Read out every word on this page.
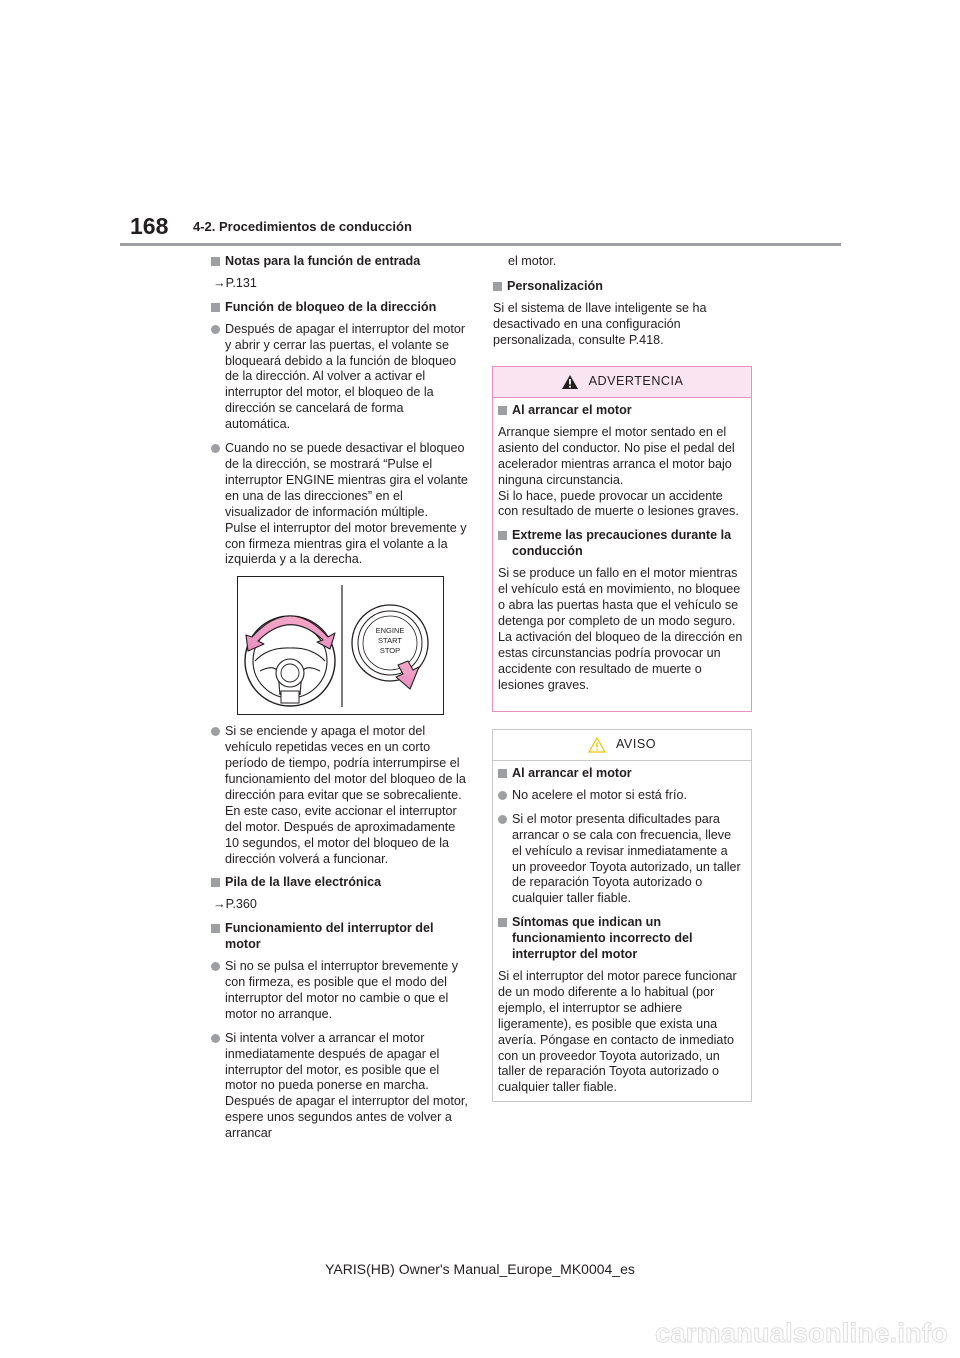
168 4-2. Procedimientos de conducción
Notas para la función de entrada
→P.131
Función de bloqueo de la dirección
Después de apagar el interruptor del motor y abrir y cerrar las puertas, el volante se bloqueará debido a la función de bloqueo de la dirección. Al volver a activar el interruptor del motor, el bloqueo de la dirección se cancelará de forma automática.
Cuando no se puede desactivar el bloqueo de la dirección, se mostrará “Pulse el interruptor ENGINE mientras gira el volante en una de las direcciones” en el visualizador de información múltiple.
Pulse el interruptor del motor brevemente y con firmeza mientras gira el volante a la izquierda y a la derecha.
ENGINE
START
STOP
Si se enciende y apaga el motor del vehículo repetidas veces en un corto período de tiempo, podría interrumpirse el funcionamiento del motor del bloqueo de la dirección para evitar que se sobrecaliente. En este caso, evite accionar el interruptor del motor. Después de aproximadamente 10 segundos, el motor del bloqueo de la dirección volverá a funcionar.
Pila de la llave electrónica
→P.360
Funcionamiento del interruptor del motor
Si no se pulsa el interruptor brevemente y con firmeza, es posible que el modo del interruptor del motor no cambie o que el motor no arranque.
Si intenta volver a arrancar el motor inmediatamente después de apagar el interruptor del motor, es posible que el motor no pueda ponerse en marcha. Después de apagar el interruptor del motor, espere unos segundos antes de volver a arrancar
el motor.
Personalización
Si el sistema de llave inteligente se ha desactivado en una configuración personalizada, consulte P.418.
ADVERTENCIA
Al arrancar el motor
Arranque siempre el motor sentado en el asiento del conductor. No pise el pedal del acelerador mientras arranca el motor bajo ninguna circunstancia.
Si lo hace, puede provocar un accidente con resultado de muerte o lesiones graves.
Extreme las precauciones durante la conducción
Si se produce un fallo en el motor mientras el vehículo está en movimiento, no bloquee o abra las puertas hasta que el vehículo se detenga por completo de un modo seguro. La activación del bloqueo de la dirección en estas circunstancias podría provocar un accidente con resultado de muerte o lesiones graves.
AVISO
Al arrancar el motor
No acelere el motor si está frío.
Si el motor presenta dificultades para arrancar o se cala con frecuencia, lleve el vehículo a revisar inmediatamente a un proveedor Toyota autorizado, un taller de reparación Toyota autorizado o cualquier taller fiable.
Síntomas que indican un funcionamiento incorrecto del interruptor del motor
Si el interruptor del motor parece funcionar de un modo diferente a lo habitual (por ejemplo, el interruptor se adhiere ligeramente), es posible que exista una avería. Póngase en contacto de inmediato con un proveedor Toyota autorizado, un taller de reparación Toyota autorizado o cualquier taller fiable.
YARIS(HB) Owner's Manual_Europe_MK0004_es
carmanualsonline.info
